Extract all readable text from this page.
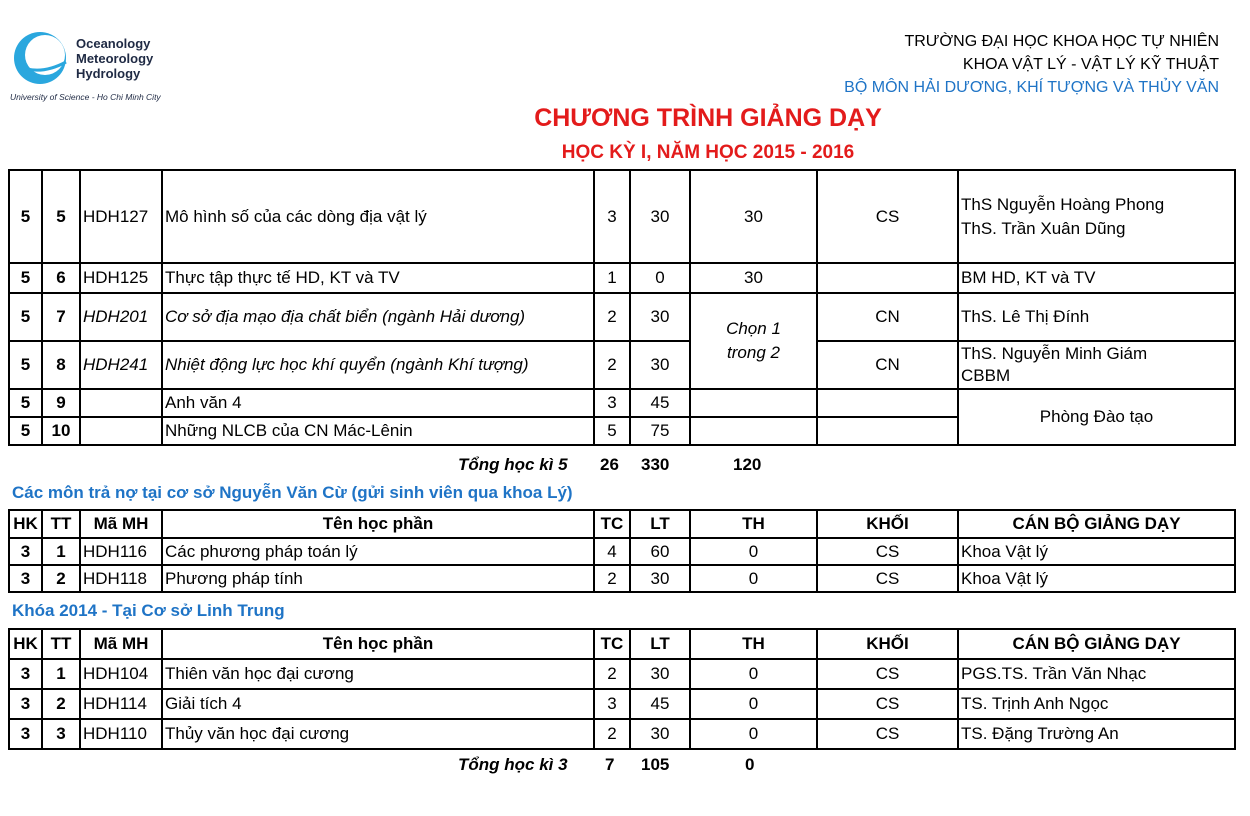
Oceanology
Meteorology
Hydrology
University of Science - Ho Chi Minh City
TRƯỜNG ĐẠI HỌC KHOA HỌC TỰ NHIÊN
KHOA VẬT LÝ - VẬT LÝ KỸ THUẬT
BỘ MÔN HẢI DƯƠNG, KHÍ TƯỢNG VÀ THỦY VĂN
CHƯƠNG TRÌNH GIẢNG DẠY
HỌC KỲ I, NĂM HỌC 2015 - 2016
5	5	HDH127	Mô hình số của các dòng địa vật lý	3	30	30	CS	ThS Nguyễn Hoàng Phong
ThS. Trần Xuân Dũng
5	6	HDH125	Thực tập thực tế HD, KT và TV	1	0	30		BM HD, KT và TV
5	7	HDH201	Cơ sở địa mạo địa chất biển (ngành Hải dương)	2	30	Chọn 1
trong 2	CN	ThS. Lê Thị Đính
5	8	HDH241	Nhiệt động lực học khí quyển (ngành Khí tượng)	2	30		CN	ThS. Nguyễn Minh Giám
CBBM
5	9		Anh văn 4	3	45			Phòng Đào tạo
5	10		Những NLCB của CN Mác-Lênin	5	75			
Tổng học kì 5 26 330	120
Các môn trả nợ tại cơ sở Nguyễn Văn Cừ (gửi sinh viên qua khoa Lý)
HK	TT	Mã MH	Tên học phần	TC	LT	TH	KHỐI	CÁN BỘ GIẢNG DẠY
3	1	HDH116	Các phương pháp toán lý	4	60	0	CS	Khoa Vật lý
3	2	HDH118	Phương pháp tính	2	30	0	CS	Khoa Vật lý
Khóa 2014 - Tại Cơ sở Linh Trung
HK	TT	Mã MH	Tên học phần	TC	LT	TH	KHỐI	CÁN BỘ GIẢNG DẠY
3	1	HDH104	Thiên văn học đại cương	2	30	0	CS	PGS.TS. Trần Văn Nhạc
3	2	HDH114	Giải tích 4	3	45	0	CS	TS. Trịnh Anh Ngọc
3	3	HDH110	Thủy văn học đại cương	2	30	0	CS	TS. Đặng Trường An
Tổng học kì 3 7 105	0
